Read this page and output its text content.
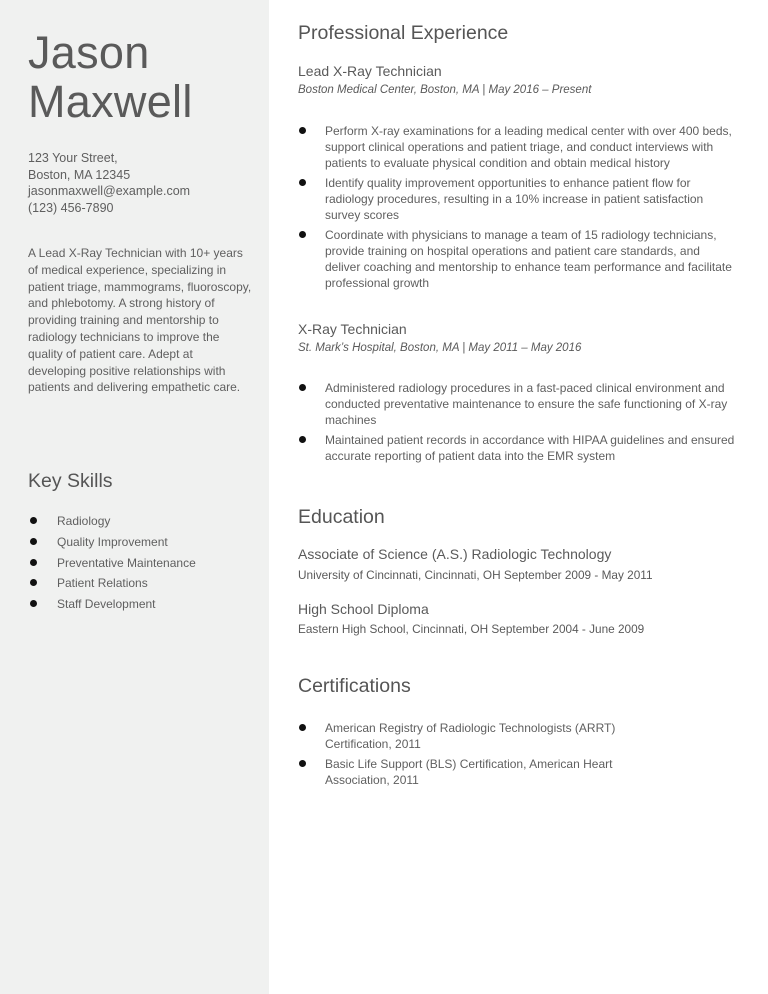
Jason
Maxwell
123 Your Street,
Boston, MA 12345
jasonmaxwell@example.com
(123) 456-7890
A Lead X-Ray Technician with 10+ years of medical experience, specializing in patient triage, mammograms, fluoroscopy, and phlebotomy. A strong history of providing training and mentorship to radiology technicians to improve the quality of patient care. Adept at developing positive relationships with patients and delivering empathetic care.
Key Skills
Radiology
Quality Improvement
Preventative Maintenance
Patient Relations
Staff Development
Professional Experience
Lead X-Ray Technician
Boston Medical Center, Boston, MA | May 2016 – Present
Perform X-ray examinations for a leading medical center with over 400 beds, support clinical operations and patient triage, and conduct interviews with patients to evaluate physical condition and obtain medical history
Identify quality improvement opportunities to enhance patient flow for radiology procedures, resulting in a 10% increase in patient satisfaction survey scores
Coordinate with physicians to manage a team of 15 radiology technicians, provide training on hospital operations and patient care standards, and deliver coaching and mentorship to enhance team performance and facilitate professional growth
X-Ray Technician
St. Mark’s Hospital, Boston, MA | May 2011 – May 2016
Administered radiology procedures in a fast-paced clinical environment and conducted preventative maintenance to ensure the safe functioning of X-ray machines
Maintained patient records in accordance with HIPAA guidelines and ensured accurate reporting of patient data into the EMR system
Education
Associate of Science (A.S.) Radiologic Technology
University of Cincinnati, Cincinnati, OH September 2009 - May 2011
High School Diploma
Eastern High School, Cincinnati, OH September 2004 - June 2009
Certifications
American Registry of Radiologic Technologists (ARRT) Certification, 2011
Basic Life Support (BLS) Certification, American Heart Association, 2011
